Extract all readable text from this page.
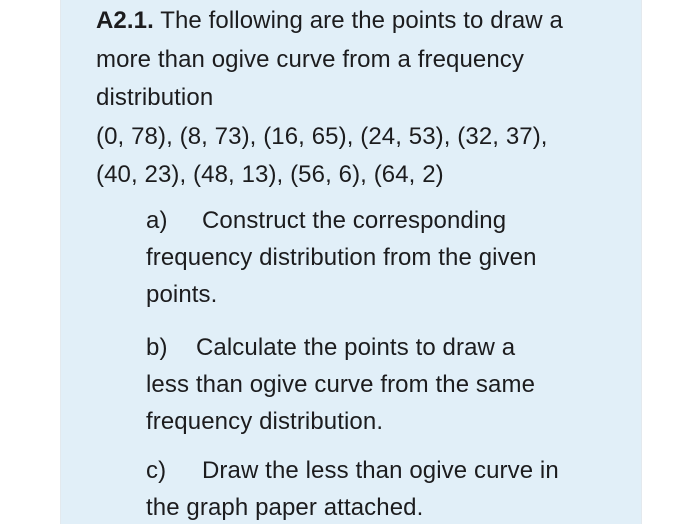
A2.1. The following are the points to draw a
more than ogive curve from a frequency
distribution
(0, 78), (8, 73), (16, 65), (24, 53), (32, 37),
(40, 23), (48, 13), (56, 6), (64, 2)
a) Construct the corresponding
frequency distribution from the given
points.
b) Calculate the points to draw a
less than ogive curve from the same
frequency distribution.
c) Draw the less than ogive curve in
the graph paper attached.
